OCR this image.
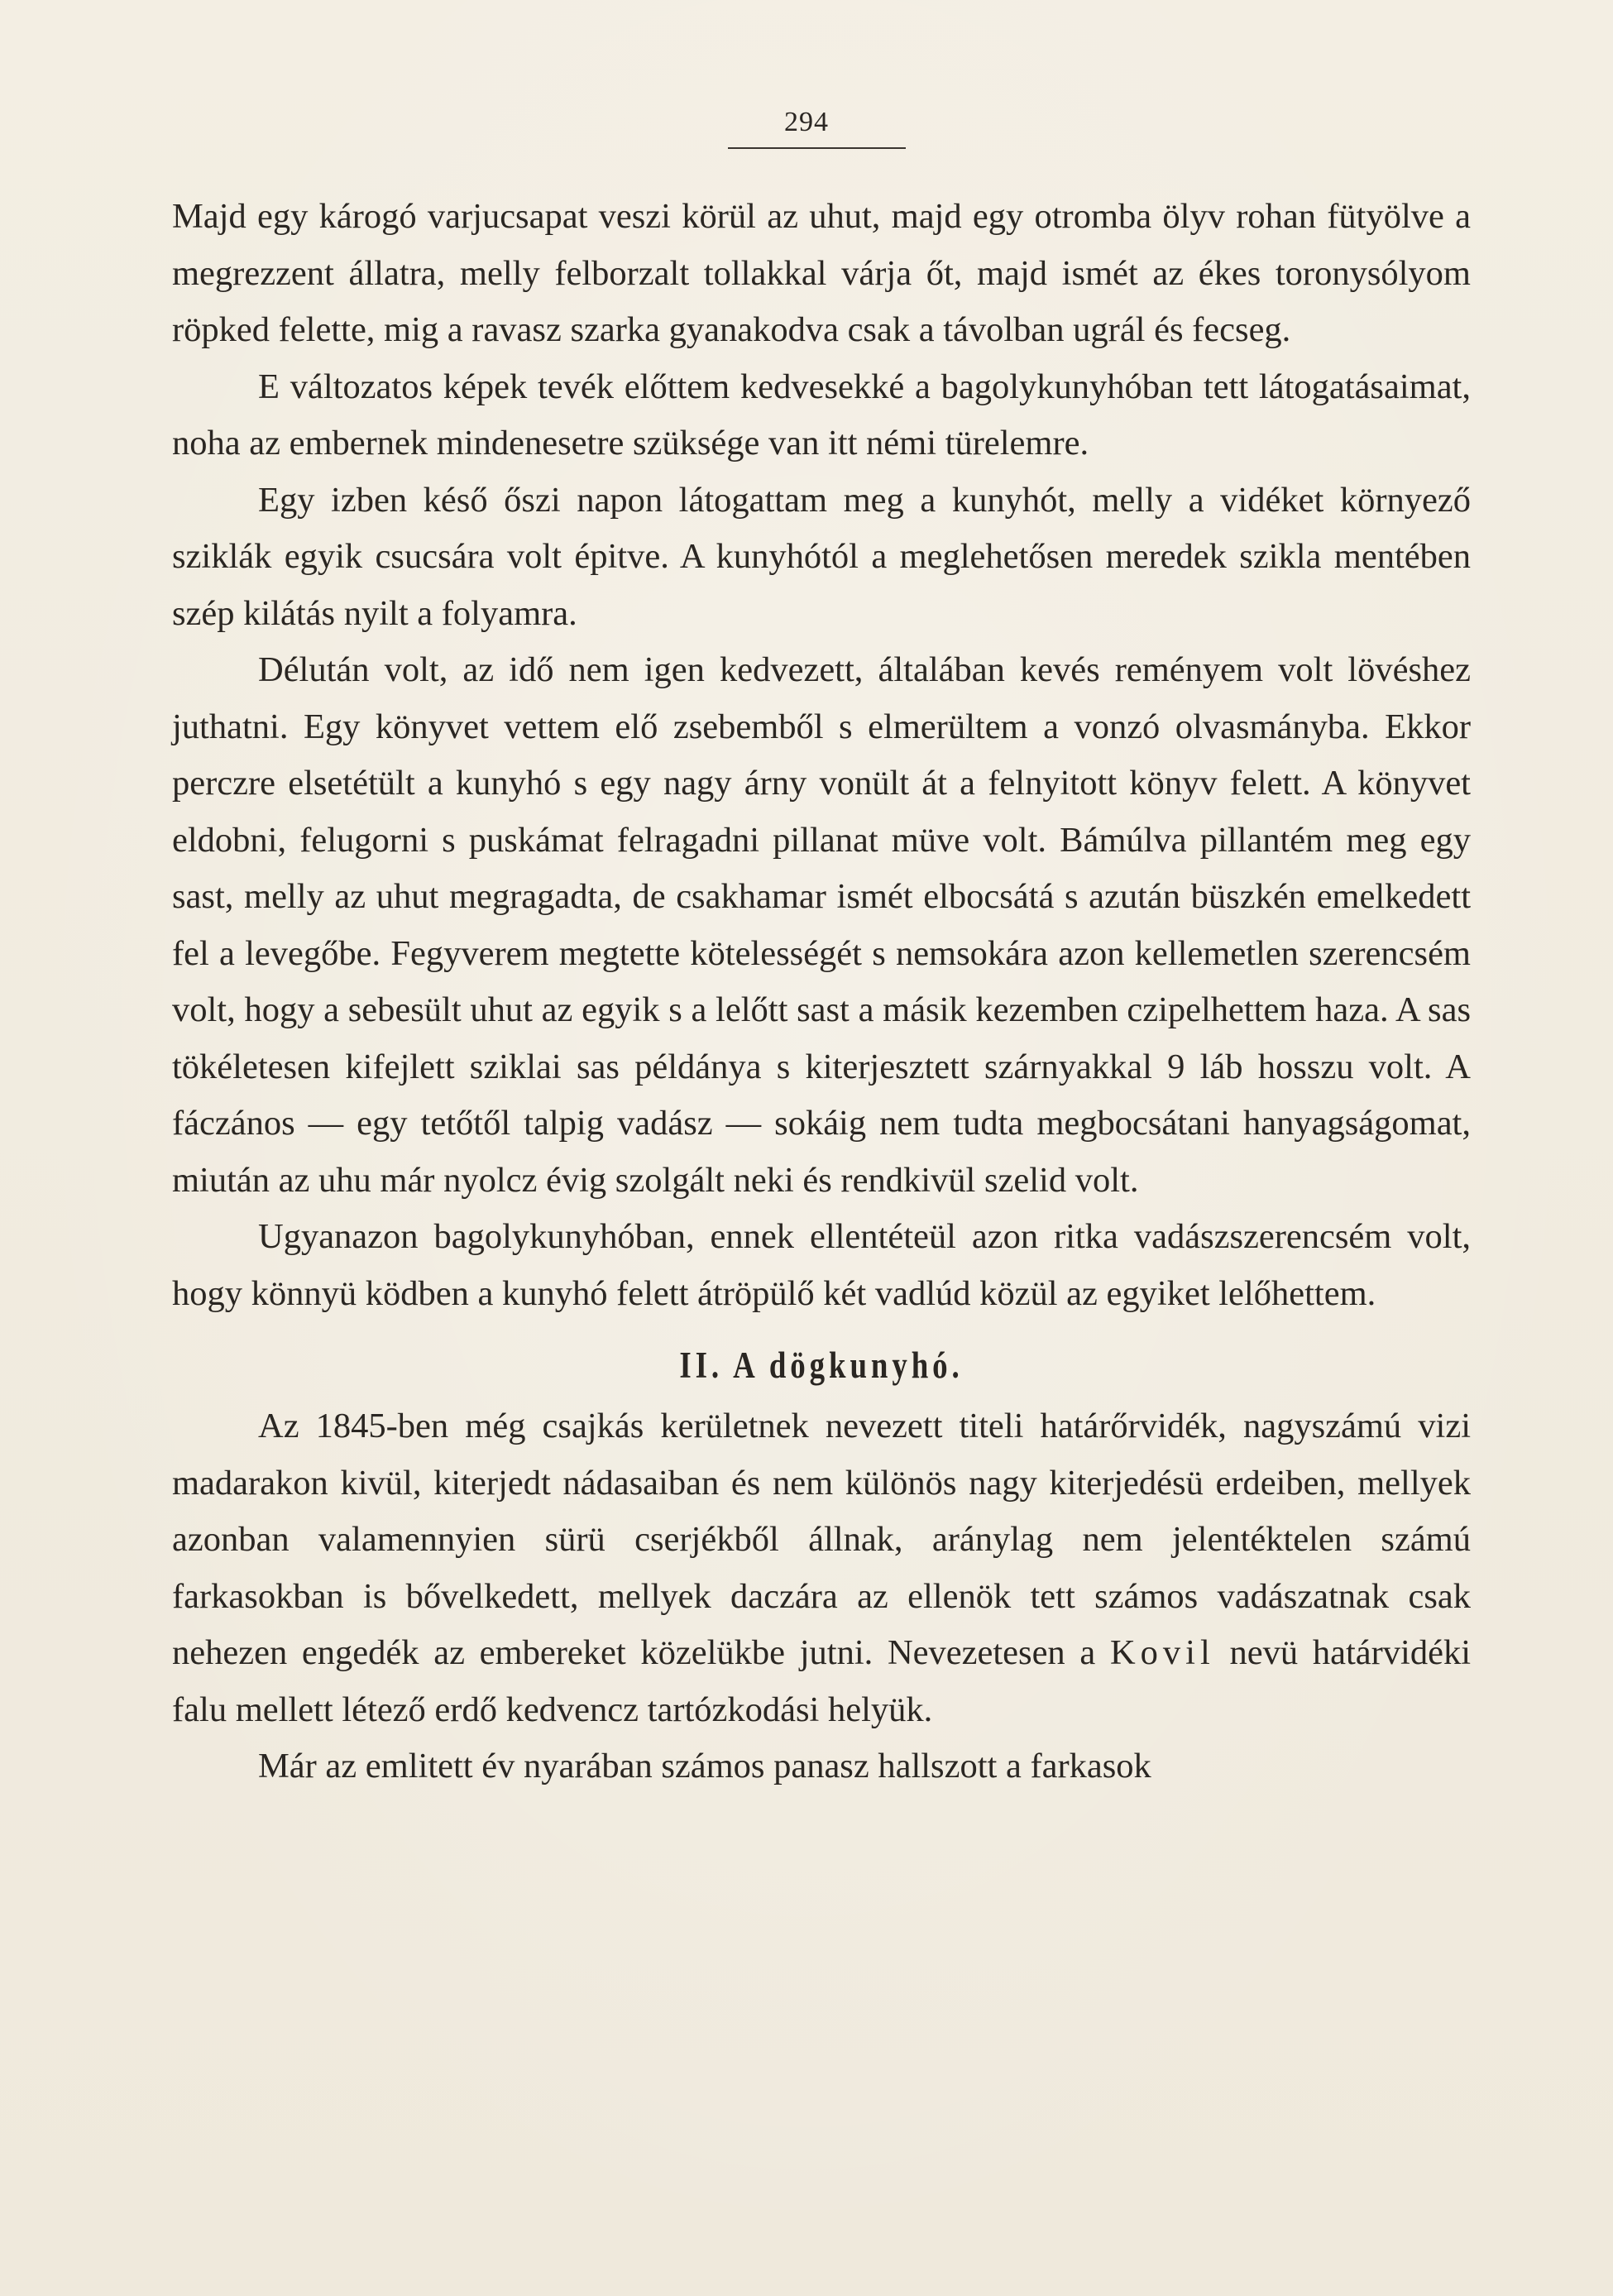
294

Majd egy károgó varjucsapat veszi körül az uhut, majd egy otromba ölyv rohan fütyölve a megrezzent állatra, melly felborzalt tollakkal várja őt, majd ismét az ékes toronysólyom röpked felette, mig a ravasz szarka gyanakodva csak a távolban ugrál és fecseg.

E változatos képek tevék előttem kedvesekké a bagolykunyhóban tett látogatásaimat, noha az embernek mindenesetre szüksége van itt némi türelemre.

Egy izben késő őszi napon látogattam meg a kunyhót, melly a vidéket környező sziklák egyik csucsára volt épitve. A kunyhótól a meglehetősen meredek szikla mentében szép kilátás nyilt a folyamra.

Délután volt, az idő nem igen kedvezett, általában kevés reményem volt lövéshez juthatni. Egy könyvet vettem elő zsebemből s elmerültem a vonzó olvasmányba. Ekkor perczre elsetétült a kunyhó s egy nagy árny vonült át a felnyitott könyv felett. A könyvet eldobni, felugorni s puskámat felragadni pillanat müve volt. Bámúlva pillantém meg egy sast, melly az uhut megragadta, de csakhamar ismét elbocsátá s azután büszkén emelkedett fel a levegőbe. Fegyverem megtette kötelességét s nemsokára azon kellemetlen szerencsém volt, hogy a sebesült uhut az egyik s a lelőtt sast a másik kezemben czipelhettem haza. A sas tökéletesen kifejlett sziklai sas példánya s kiterjesztett szárnyakkal 9 láb hosszu volt. A fáczános — egy tetőtől talpig vadász — sokáig nem tudta megbocsátani hanyagságomat, miután az uhu már nyolcz évig szolgált neki és rendkivül szelid volt.

Ugyanazon bagolykunyhóban, ennek ellentéteül azon ritka vadászszerencsém volt, hogy könnyü ködben a kunyhó felett átröpülő két vadlúd közül az egyiket lelőhettem.

II. A dögkunyhó.

Az 1845-ben még csajkás kerületnek nevezett titeli határőrvidék, nagyszámú vizi madarakon kivül, kiterjedt nádasaiban és nem különös nagy kiterjedésü erdeiben, mellyek azonban valamennyien sürü cserjékből állnak, aránylag nem jelentéktelen számú farkasokban is bővelkedett, mellyek daczára az ellenök tett számos vadászatnak csak nehezen engedék az embereket közelükbe jutni. Nevezetesen a Kovil nevü határvidéki falu mellett létező erdő kedvencz tartózkodási helyük.

Már az emlitett év nyarában számos panasz hallszott a farkasok
